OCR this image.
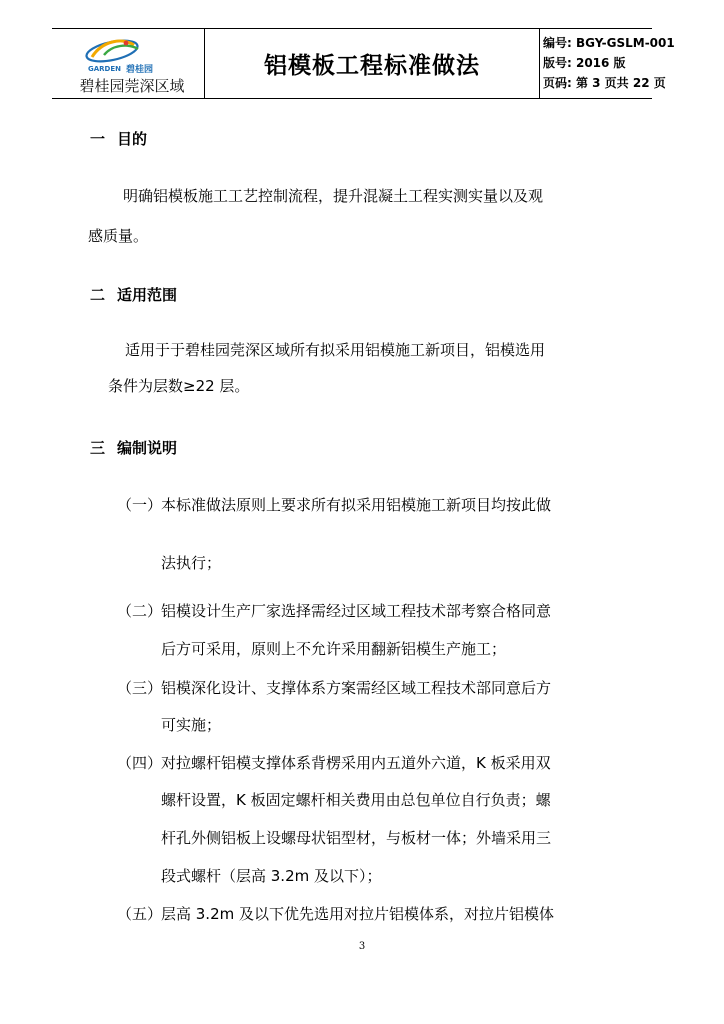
GARDEN 碧桂园
碧桂园莞深区域
铝模板工程标准做法
编号: BGY-GSLM-001
版号: 2016 版
页码: 第 3 页共 22 页
一 目的
明确铝模板施工工艺控制流程，提升混凝土工程实测实量以及观
感质量。
二 适用范围
适用于于碧桂园莞深区域所有拟采用铝模施工新项目，铝模选用
条件为层数≥22 层。
三 编制说明
（一）
本标准做法原则上要求所有拟采用铝模施工新项目均按此做
法执行；
（二）
铝模设计生产厂家选择需经过区域工程技术部考察合格同意
后方可采用，原则上不允许采用翻新铝模生产施工；
（三）
铝模深化设计、支撑体系方案需经区域工程技术部同意后方
可实施；
（四）
对拉螺杆铝模支撑体系背楞采用内五道外六道，K 板采用双
螺杆设置，K 板固定螺杆相关费用由总包单位自行负责；螺
杆孔外侧铝板上设螺母状铝型材，与板材一体；外墙采用三
段式螺杆（层高 3.2m 及以下）；
（五）
层高 3.2m 及以下优先选用对拉片铝模体系，对拉片铝模体
3
